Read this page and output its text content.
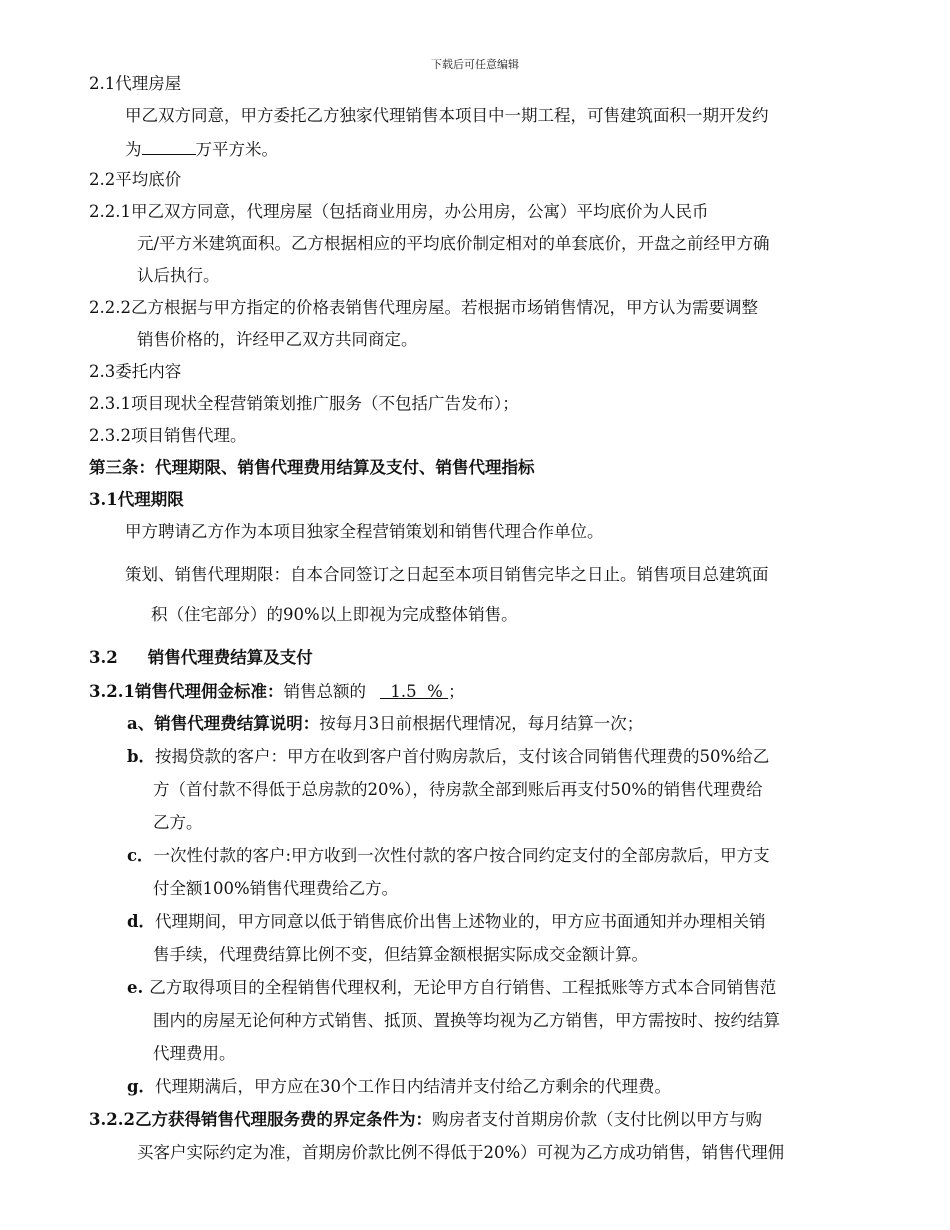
下载后可任意编辑
2.1代理房屋
甲乙双方同意，甲方委托乙方独家代理销售本项目中一期工程，可售建筑面积一期开发约
为	万平方米。
2.2平均底价
2.2.1甲乙双方同意，代理房屋（包括商业用房，办公用房，公寓）平均底价为人民币
元/平方米建筑面积。乙方根据相应的平均底价制定相对的单套底价，开盘之前经甲方确
认后执行。
2.2.2乙方根据与甲方指定的价格表销售代理房屋。若根据市场销售情况，甲方认为需要调整
销售价格的，许经甲乙双方共同商定。
2.3委托内容
2.3.1项目现状全程营销策划推广服务（不包括广告发布）；
2.3.2项目销售代理。
第三条：代理期限、销售代理费用结算及支付、销售代理指标
3.1代理期限
甲方聘请乙方作为本项目独家全程营销策划和销售代理合作单位。
策划、销售代理期限：自本合同签订之日起至本项目销售完毕之日止。销售项目总建筑面
积（住宅部分）的90%以上即视为完成整体销售。
3.2 销售代理费结算及支付
3.2.1销售代理佣金标准：销售总额的  1.5  % ；
a、销售代理费结算说明：按每月3日前根据代理情况，每月结算一次；
b．按揭贷款的客户：甲方在收到客户首付购房款后，支付该合同销售代理费的50%给乙
方（首付款不得低于总房款的20%），待房款全部到账后再支付50%的销售代理费给
乙方。
c．一次性付款的客户:甲方收到一次性付款的客户按合同约定支付的全部房款后，甲方支
付全额100%销售代理费给乙方。
d．代理期间，甲方同意以低于销售底价出售上述物业的，甲方应书面通知并办理相关销
售手续，代理费结算比例不变，但结算金额根据实际成交金额计算。
e. 乙方取得项目的全程销售代理权利，无论甲方自行销售、工程抵账等方式本合同销售范
围内的房屋无论何种方式销售、抵顶、置换等均视为乙方销售，甲方需按时、按约结算
代理费用。
g．代理期满后，甲方应在30个工作日内结清并支付给乙方剩余的代理费。
3.2.2乙方获得销售代理服务费的界定条件为：购房者支付首期房价款（支付比例以甲方与购
买客户实际约定为准，首期房价款比例不得低于20%）可视为乙方成功销售，销售代理佣
